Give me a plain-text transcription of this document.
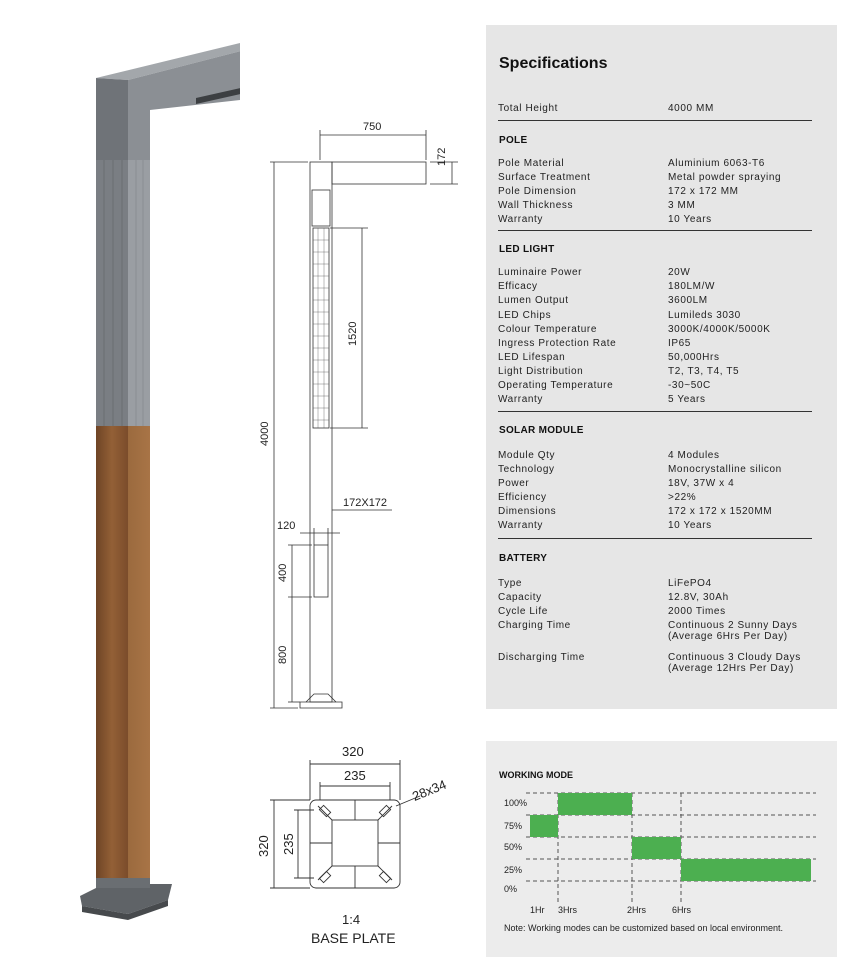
750
172
4000
1520
172X172
120
400
800
320
235
28x34
320 235
1:4
BASE PLATE
Specifications
Total Height	4000 MM
POLE
Pole Material	Aluminium 6063-T6
Surface Treatment	Metal powder spraying
Pole Dimension	172 x 172 MM
Wall Thickness	3 MM
Warranty	10 Years
LED LIGHT
Luminaire Power	20W
Efficacy	180LM/W
Lumen Output	3600LM
LED Chips	Lumileds 3030
Colour Temperature	3000K/4000K/5000K
Ingress Protection Rate	IP65
LED Lifespan	50,000Hrs
Light Distribution	T2, T3, T4, T5
Operating Temperature	-30~50C
Warranty	5 Years
SOLAR MODULE
Module Qty	4 Modules
Technology	Monocrystalline silicon
Power	18V, 37W x 4
Efficiency	>22%
Dimensions	172 x 172 x 1520MM
Warranty	10 Years
BATTERY
Type	LiFePO4
Capacity	12.8V, 30Ah
Cycle Life	2000 Times
Charging Time	Continuous 2 Sunny Days
(Average 6Hrs Per Day)
Discharging Time	Continuous 3 Cloudy Days
(Average 12Hrs Per Day)
WORKING MODE
100%
75%
50%
25%
0%
1Hr 3Hrs	2Hrs	6Hrs
Note: Working modes can be customized based on local environment.
